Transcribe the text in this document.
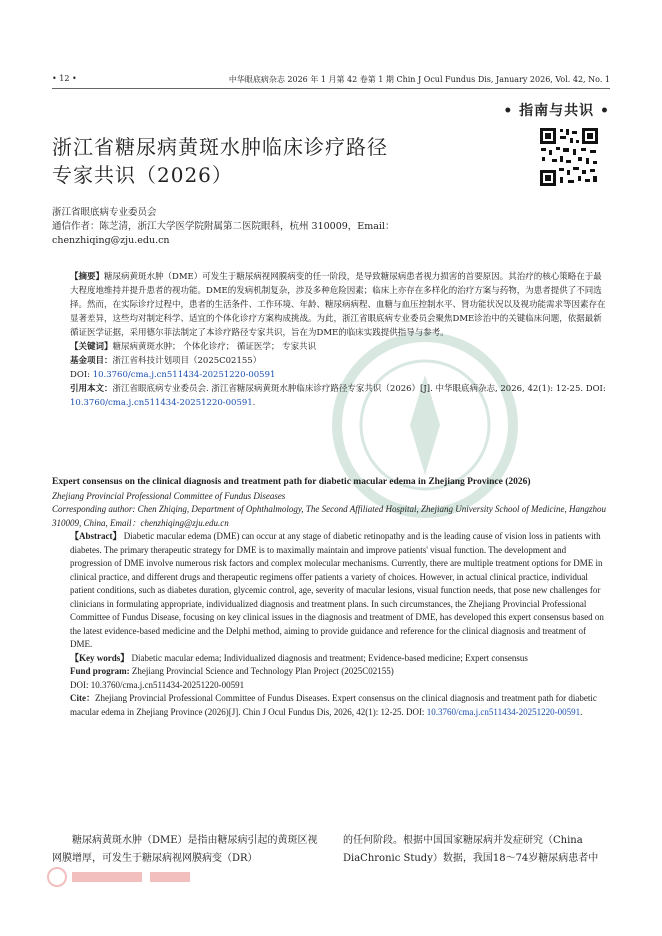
• 12 •	中华眼底病杂志 2026 年 1 月第 42 卷第 1 期 Chin J Ocul Fundus Dis, January 2026, Vol. 42, No. 1
• 指南与共识 •
浙江省糖尿病黄斑水肿临床诊疗路径
专家共识（2026）
浙江省眼底病专业委员会
通信作者：陈芝清，浙江大学医学院附属第二医院眼科，杭州 310009，Email：
chenzhiqing@zju.edu.cn

【摘要】糖尿病黄斑水肿（DME）可发生于糖尿病视网膜病变的任一阶段，是导致糖尿病患者视力损害的首要原因。其治疗的核心策略在于最大程度地维持并提升患者的视功能。DME的发病机制复杂，涉及多种危险因素；临床上亦存在多样化的治疗方案与药物，为患者提供了不同选择。然而，在实际诊疗过程中，患者的生活条件、工作环境、年龄、糖尿病病程、血糖与血压控制水平、肾功能状况以及视功能需求等因素存在显著差异，这些均对制定科学、适宜的个体化诊疗方案构成挑战。为此，浙江省眼底病专业委员会聚焦DME诊治中的关键临床问题，依据最新循证医学证据，采用德尔菲法制定了本诊疗路径专家共识，旨在为DME的临床实践提供指导与参考。

【关键词】糖尿病黄斑水肿； 个体化诊疗； 循证医学； 专家共识

基金项目：浙江省科技计划项目（2025C02155）

DOI: 10.3760/cma.j.cn511434-20251220-00591

引用本文：浙江省眼底病专业委员会. 浙江省糖尿病黄斑水肿临床诊疗路径专家共识（2026）[J]. 中华眼底病杂志, 2026, 42(1): 12-25. DOI: 10.3760/cma.j.cn511434-20251220-00591.

Expert consensus on the clinical diagnosis and treatment path for diabetic macular edema in Zhejiang Province (2026)

Zhejiang Provincial Professional Committee of Fundus Diseases

Corresponding author: Chen Zhiqing, Department of Ophthalmology, The Second Affiliated Hospital, Zhejiang University School of Medicine, Hangzhou 310009, China, Email：chenzhiqing@zju.edu.cn

【Abstract】 Diabetic macular edema (DME) can occur at any stage of diabetic retinopathy and is the leading cause of vision loss in patients with diabetes. The primary therapeutic strategy for DME is to maximally maintain and improve patients' visual function. The development and progression of DME involve numerous risk factors and complex molecular mechanisms. Currently, there are multiple treatment options for DME in clinical practice, and different drugs and therapeutic regimens offer patients a variety of choices. However, in actual clinical practice, individual patient conditions, such as diabetes duration, glycemic control, age, severity of macular lesions, visual function needs, that pose new challenges for clinicians in formulating appropriate, individualized diagnosis and treatment plans. In such circumstances, the Zhejiang Provincial Professional Committee of Fundus Disease, focusing on key clinical issues in the diagnosis and treatment of DME, has developed this expert consensus based on the latest evidence-based medicine and the Delphi method, aiming to provide guidance and reference for the clinical diagnosis and treatment of DME.

【Key words】 Diabetic macular edema; Individualized diagnosis and treatment; Evidence-based medicine; Expert consensus

Fund program: Zhejiang Provincial Science and Technology Plan Project (2025C02155)

DOI: 10.3760/cma.j.cn511434-20251220-00591

Cite：Zhejiang Provincial Professional Committee of Fundus Diseases. Expert consensus on the clinical diagnosis and treatment path for diabetic macular edema in Zhejiang Province (2026)[J]. Chin J Ocul Fundus Dis, 2026, 42(1): 12-25. DOI: 10.3760/cma.j.cn511434-20251220-00591.

糖尿病黄斑水肿（DME）是指由糖尿病引起的黄斑区视网膜增厚，可发生于糖尿病视网膜病变（DR）
的任何阶段。根据中国国家糖尿病并发症研究（China DiaChronic Study）数据，我国18～74岁糖尿病患者中
